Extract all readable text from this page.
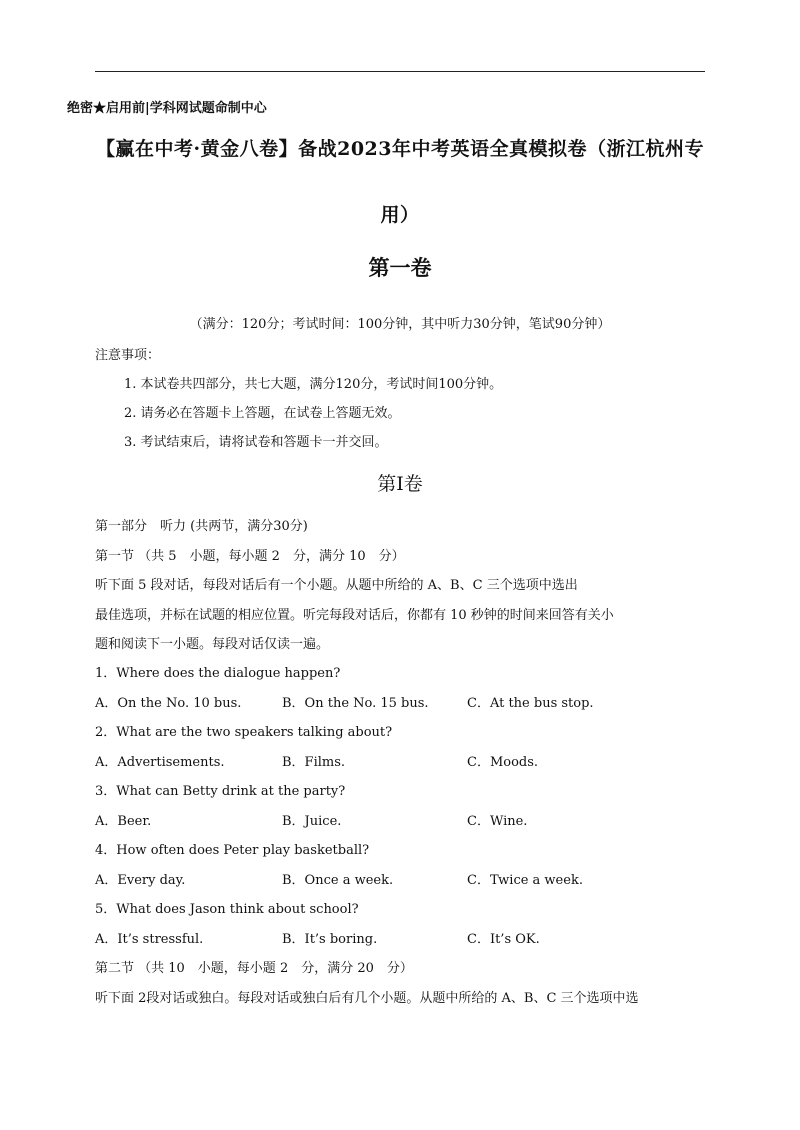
绝密★启用前|学科网试题命制中心
【赢在中考·黄金八卷】备战2023年中考英语全真模拟卷（浙江杭州专
用）
第一卷
（满分：120分；考试时间：100分钟，其中听力30分钟，笔试90分钟）
注意事项：
1. 本试卷共四部分，共七大题，满分120分，考试时间100分钟。
2. 请务必在答题卡上答题，在试卷上答题无效。
3. 考试结束后，请将试卷和答题卡一并交回。
第I卷
第一部分　听力 (共两节，满分30分)
第一节 （共 5　小题，每小题 2　分，满分 10　分）
听下面 5 段对话，每段对话后有一个小题。从题中所给的 A、B、C 三个选项中选出
最佳选项，并标在试题的相应位置。听完每段对话后，你都有 10 秒钟的时间来回答有关小
题和阅读下一小题。每段对话仅读一遍。
1．Where does the dialogue happen?
A．On the No. 10 bus.	B．On the No. 15 bus.	C．At the bus stop.
2．What are the two speakers talking about?
A．Advertisements.	B．Films.	C．Moods.
3．What can Betty drink at the party?
A．Beer.	B．Juice.	C．Wine.
4．How often does Peter play basketball?
A．Every day.	B．Once a week.	C．Twice a week.
5．What does Jason think about school?
A．It’s stressful.	B．It’s boring.	C．It’s OK.
第二节 （共 10　小题，每小题 2　分，满分 20　分）
听下面 2段对话或独白。每段对话或独白后有几个小题。从题中所给的 A、B、C 三个选项中选
